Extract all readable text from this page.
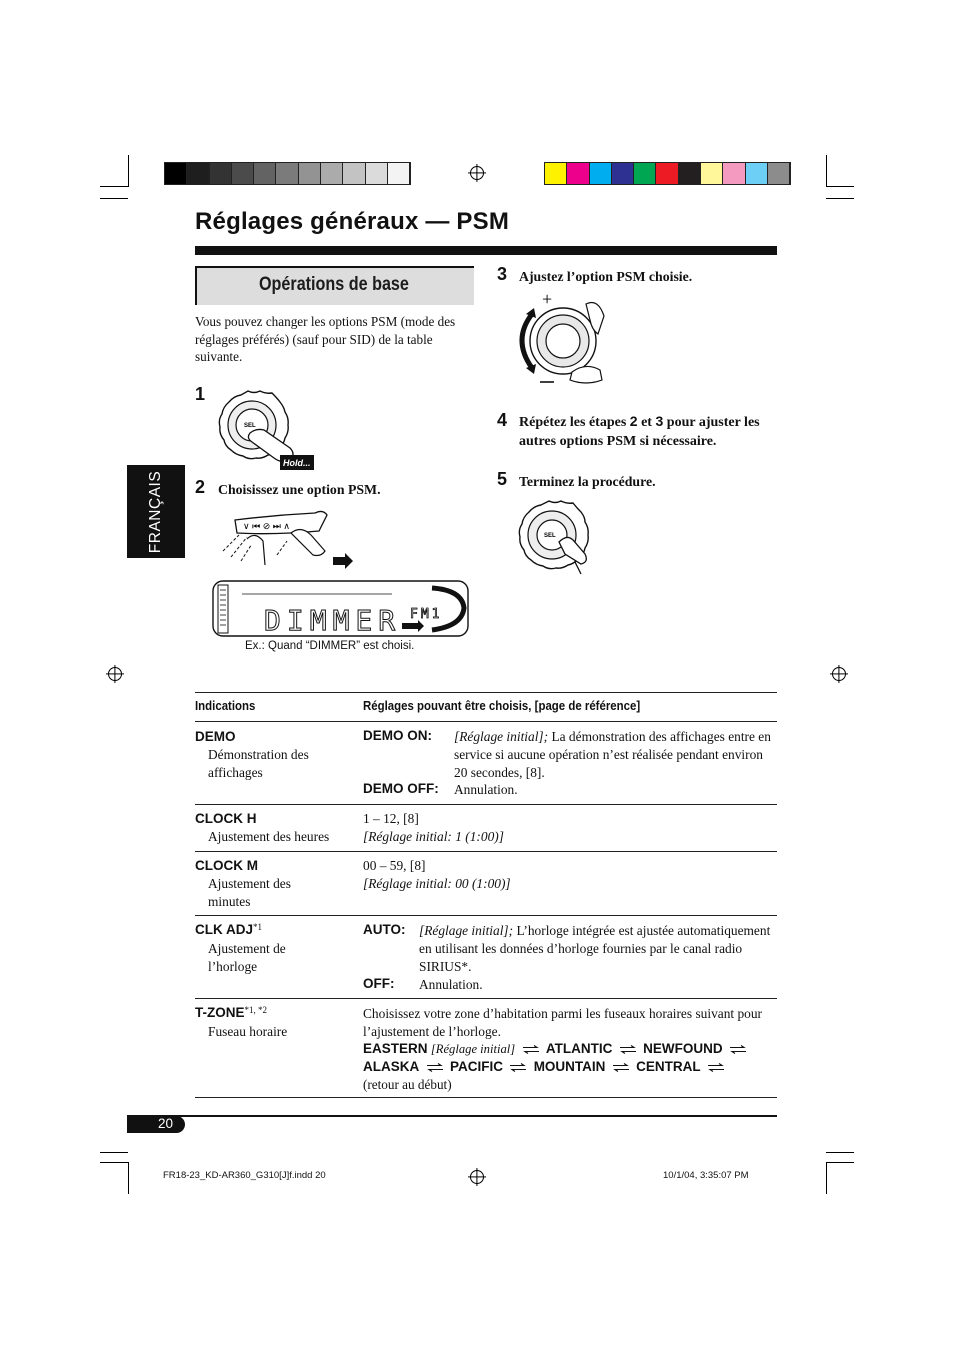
Réglages généraux — PSM
Opérations de base
FRANÇAIS
Vous pouvez changer les options PSM (mode des réglages préférés) (sauf pour SID) de la table suivante.
1
SEL
Hold...
2 Choisissez une option PSM.
∨ ⏮ ⊘ ⏭ ∧
DIMMER FM1
Ex.: Quand “DIMMER” est choisi.
3 Ajustez l’option PSM choisie.
+
4 Répétez les étapes 2 et 3 pour ajuster les autres options PSM si nécessaire.
5 Terminez la procédure.
SEL
Indications	Réglages pouvant être choisis, [page de référence]
DEMO
Démonstration des affichages
DEMO ON: [Réglage initial]; La démonstration des affichages entre en service si aucune opération n’est réalisée pendant environ 20 secondes, [8].
DEMO OFF: Annulation.
CLOCK H
Ajustement des heures
1 – 12, [8]
[Réglage initial: 1 (1:00)]
CLOCK M
Ajustement des minutes
00 – 59, [8]
[Réglage initial: 00 (1:00)]
CLK ADJ$^{*1}$
Ajustement de l’horloge
AUTO: [Réglage initial]; L’horloge intégrée est ajustée automatiquement en utilisant les données d’horloge fournies par le canal radio SIRIUS*.
OFF: Annulation.
$T-ZONE^{*1, *2}$
Fuseau horaire
Choisissez votre zone d’habitation parmi les fuseaux horaires suivant pour l’ajustement de l’horloge.
EASTERN [Réglage initial] ATLANTIC NEWFOUND
ALASKA PACIFIC MOUNTAIN CENTRAL
(retour au début)
20
FR18-23_KD-AR360_G310[J]f.indd 20	10/1/04, 3:35:07 PM
